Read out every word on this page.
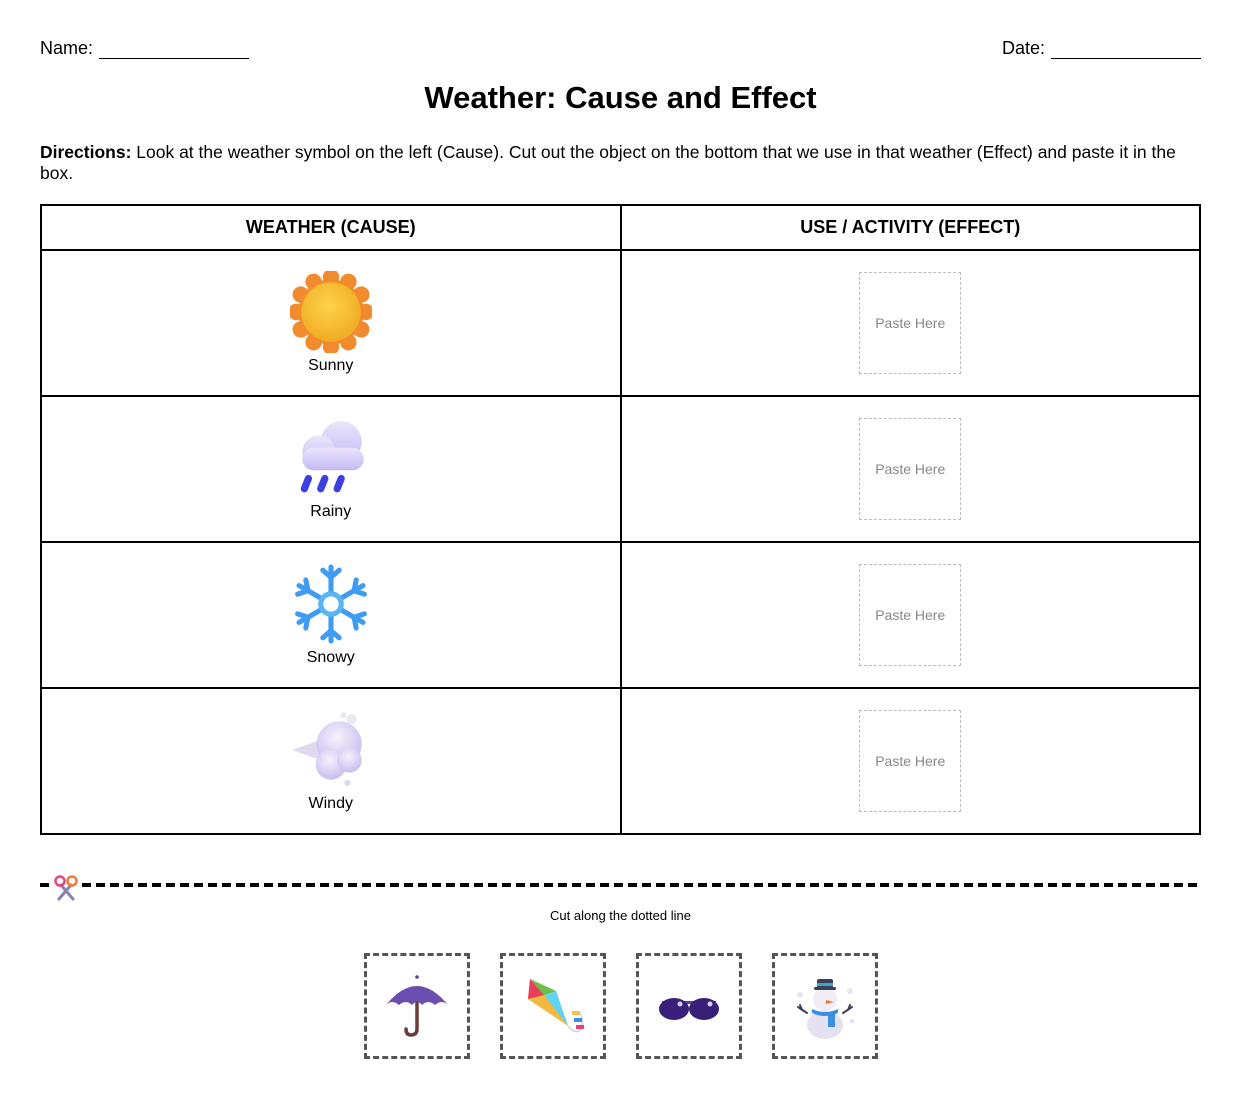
Name:	Date:
Weather: Cause and Effect

Directions: Look at the weather symbol on the left (Cause). Cut out the object on the bottom that we use in that weather (Effect) and paste it in the box.

WEATHER (CAUSE)	USE / ACTIVITY (EFFECT)

Sunny	Paste Here

Rainy	Paste Here

Snowy	Paste Here

Windy	Paste Here
Cut along the dotted line
